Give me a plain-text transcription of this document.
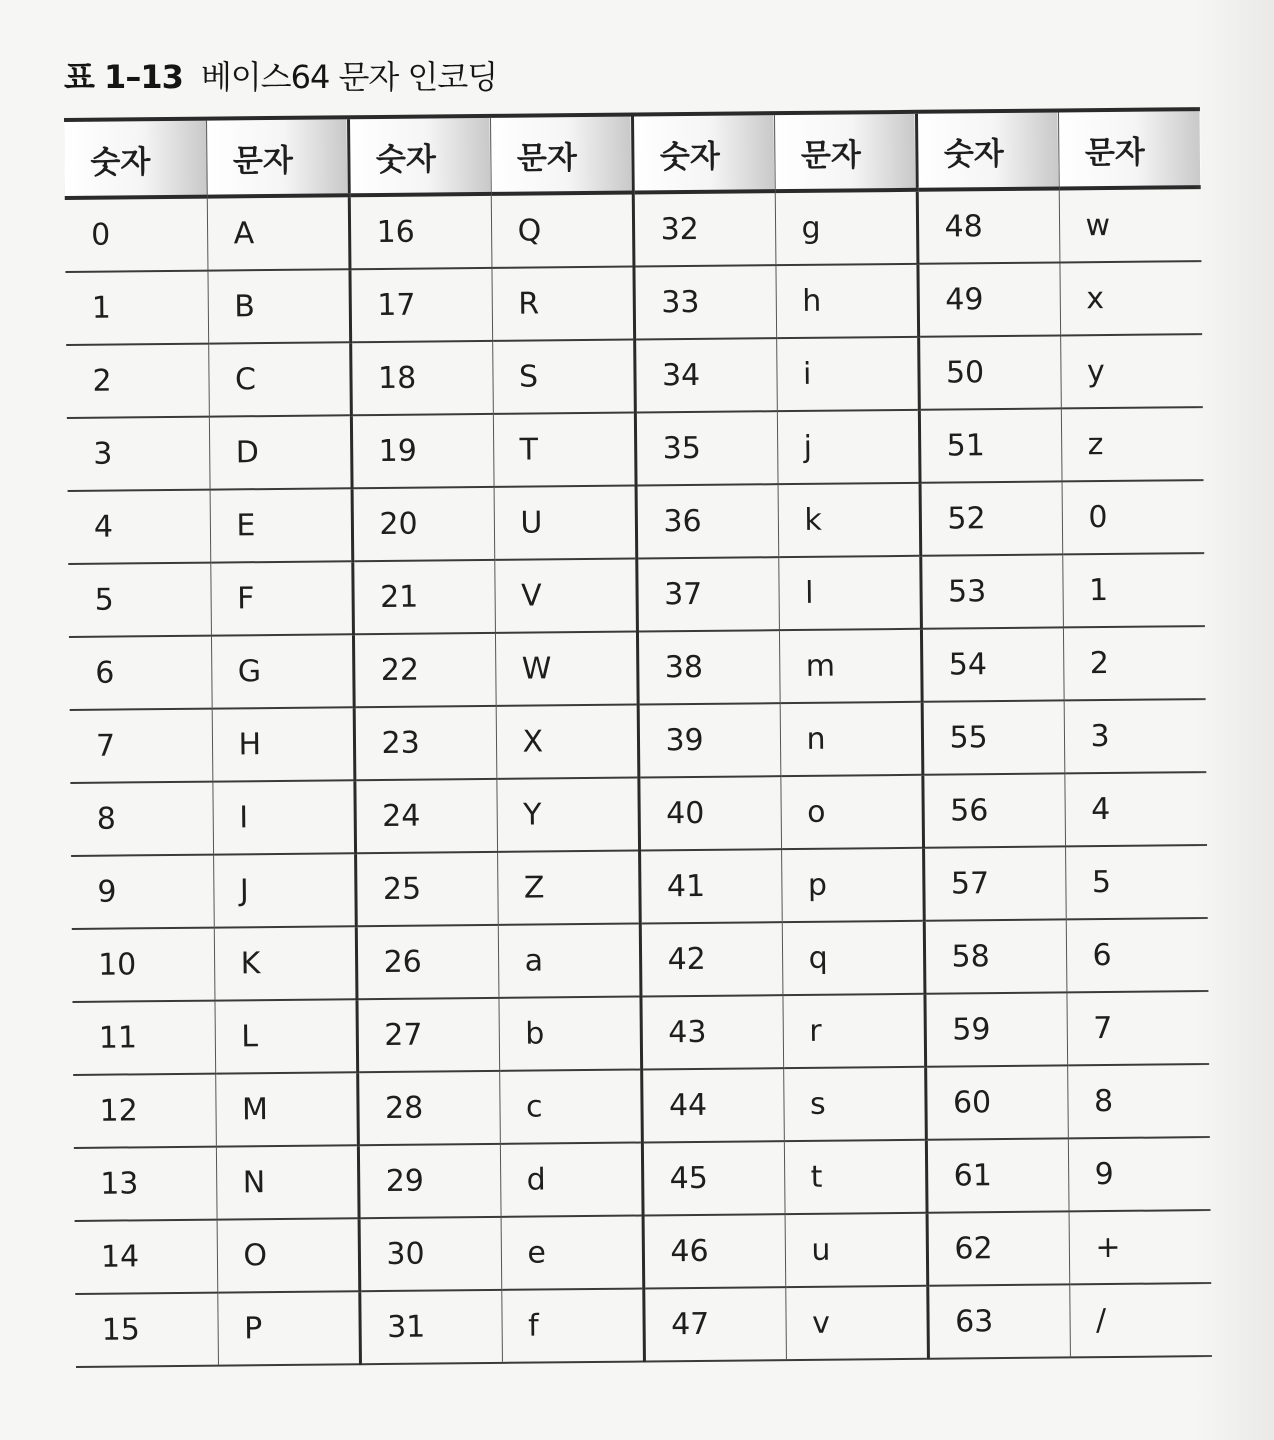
표 1–13 베이스64 문자 인코딩
숫자	문자	숫자	문자	숫자	문자	숫자	문자
0	A	16	Q	32	g	48	w
1	B	17	R	33	h	49	x
2	C	18	S	34	i	50	y
3	D	19	T	35	j	51	z
4	E	20	U	36	k	52	0
5	F	21	V	37	l	53	1
6	G	22	W	38	m	54	2
7	H	23	X	39	n	55	3
8	I	24	Y	40	o	56	4
9	J	25	Z	41	p	57	5
10	K	26	a	42	q	58	6
11	L	27	b	43	r	59	7
12	M	28	c	44	s	60	8
13	N	29	d	45	t	61	9
14	O	30	e	46	u	62	+
15	P	31	f	47	v	63	/
